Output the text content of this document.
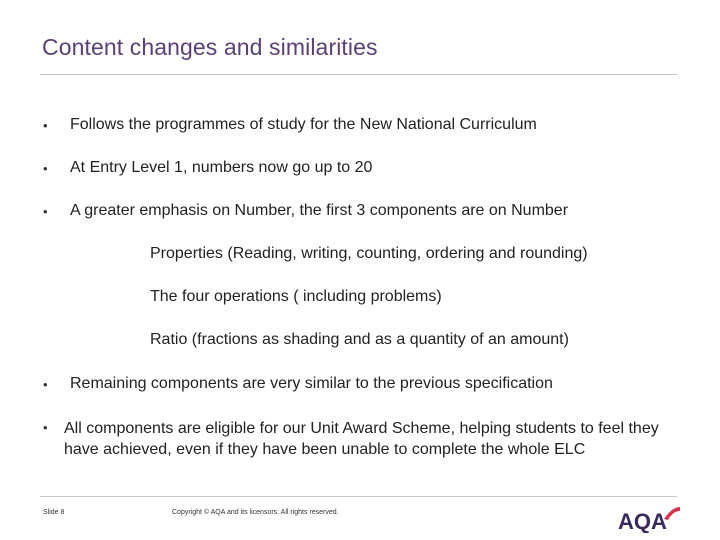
Content changes and similarities
• Follows the programmes of study for the New National Curriculum
• At Entry Level 1, numbers now go up to 20
• A greater emphasis on Number, the first 3 components are on Number
Properties (Reading, writing, counting, ordering and rounding)
The four operations ( including problems)
Ratio (fractions as shading and as a quantity of an amount)
• Remaining components are very similar to the previous specification
• All components are eligible for our Unit Award Scheme, helping students to feel they have achieved, even if they have been unable to complete the whole ELC
Slide 8	Copyright © AQA and its licensors. All rights reserved.	AQA
